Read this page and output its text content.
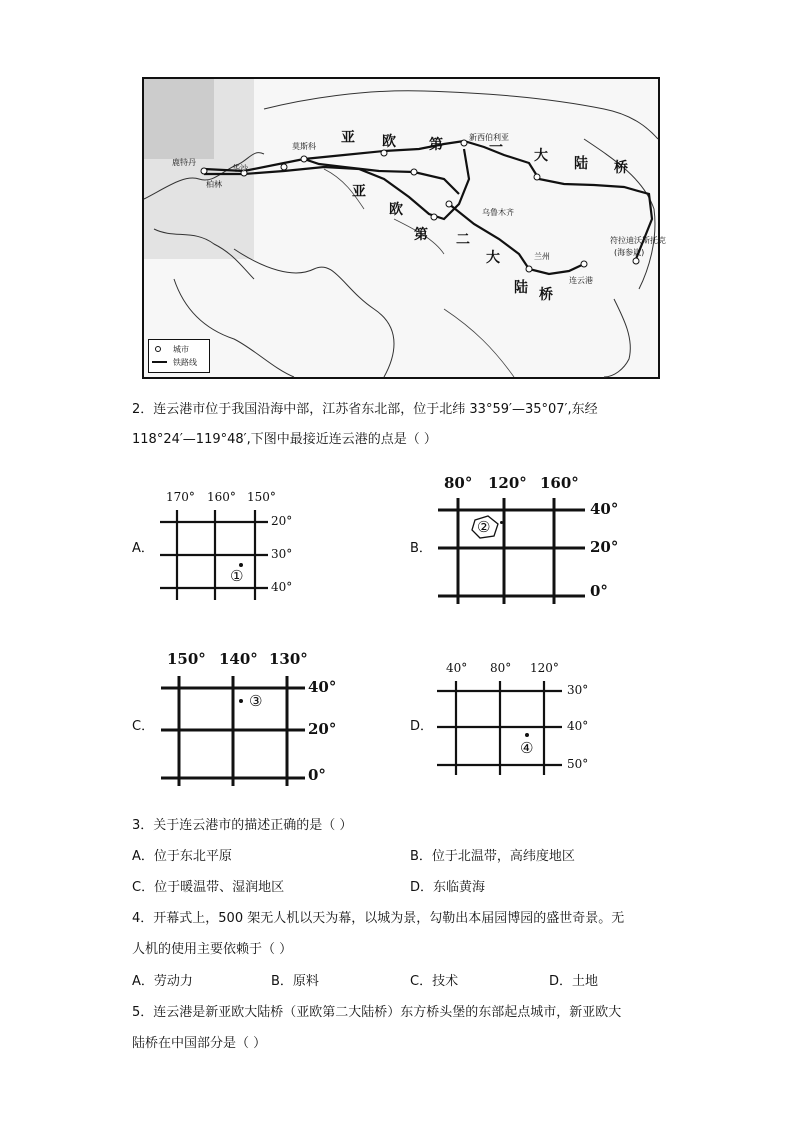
鹿特丹
柏林
华沙
莫斯科
新西伯利亚
乌鲁木齐
兰州
连云港
符拉迪沃斯托克
(海参崴)
亚 欧 第	一 大 陆 桥
亚
欧
第 二
大
陆 桥
城市
铁路线
2．连云港市位于我国沿海中部，江苏省东北部，位于北纬 33°59′—35°07′,东经
118°24′—119°48′,下图中最接近连云港的点是（ ）
A．
170° 160° 150°
20°
30°
40°
①
B．
80° 120° 160°
40°
20°
0°
②
C．
150° 140° 130°
40°
20°
0°
③
D．
40° 80° 120°
30°
40°
50°
④
3．关于连云港市的描述正确的是（ ）
A．位于东北平原	B．位于北温带，高纬度地区
C．位于暖温带、湿润地区	D．东临黄海
4．开幕式上，500 架无人机以天为幕，以城为景，勾勒出本届园博园的盛世奇景。无
人机的使用主要依赖于（ ）
A．劳动力	B．原料	C．技术	D．土地
5．连云港是新亚欧大陆桥（亚欧第二大陆桥）东方桥头堡的东部起点城市，新亚欧大
陆桥在中国部分是（ ）
